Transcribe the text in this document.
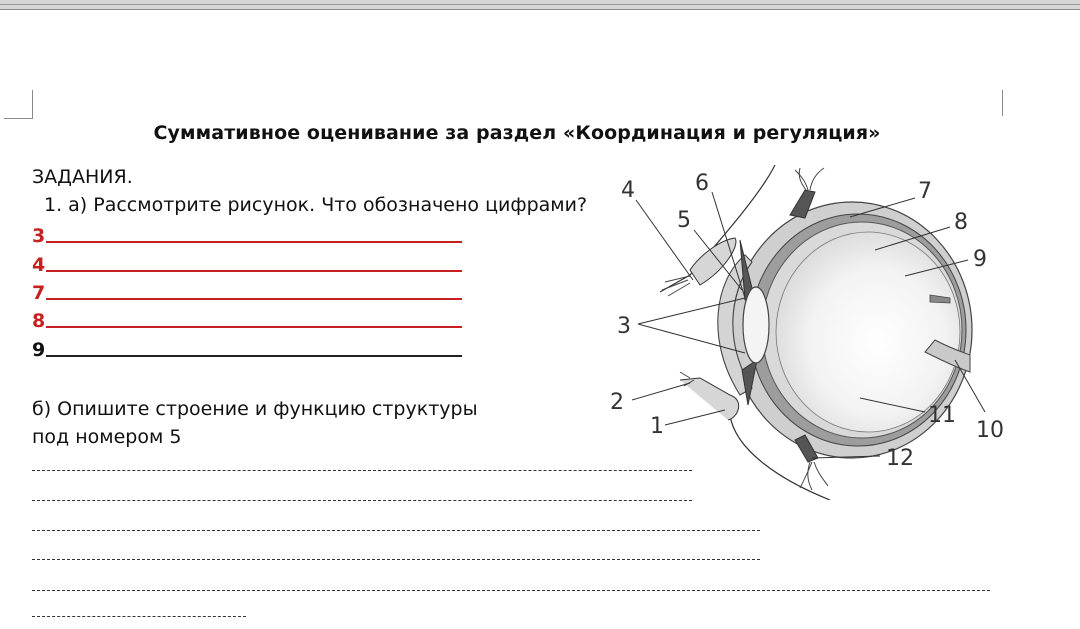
Суммативное оценивание за раздел «Координация и регуляция»
ЗАДАНИЯ.
1. а) Рассмотрите рисунок. Что обозначено цифрами?
3
4
7
8
9
б) Опишите строение и функцию структуры
под номером 5	1
2
3
4
5
6	7
8
9
10
11
12
